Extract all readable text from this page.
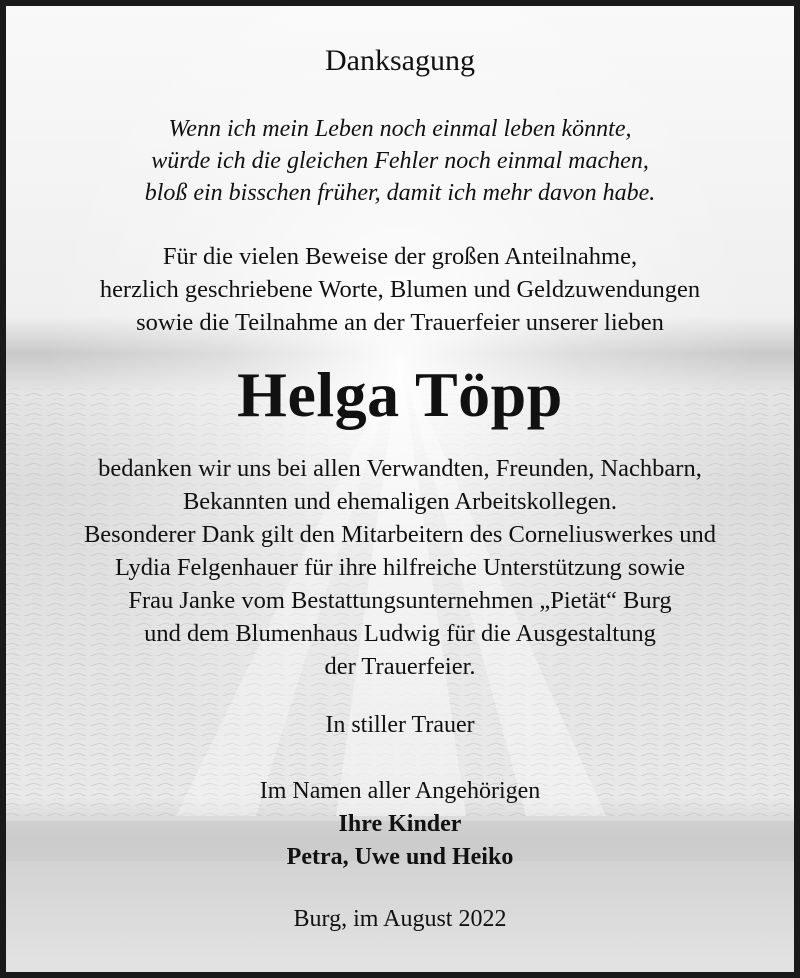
Danksagung
Wenn ich mein Leben noch einmal leben könnte,
würde ich die gleichen Fehler noch einmal machen,
bloß ein bisschen früher, damit ich mehr davon habe.
Für die vielen Beweise der großen Anteilnahme,
herzlich geschriebene Worte, Blumen und Geldzuwendungen
sowie die Teilnahme an der Trauerfeier unserer lieben
Helga Töpp
bedanken wir uns bei allen Verwandten, Freunden, Nachbarn,
Bekannten und ehemaligen Arbeitskollegen.
Besonderer Dank gilt den Mitarbeitern des Corneliuswerkes und
Lydia Felgenhauer für ihre hilfreiche Unterstützung sowie
Frau Janke vom Bestattungsunternehmen „Pietät“ Burg
und dem Blumenhaus Ludwig für die Ausgestaltung
der Trauerfeier.
In stiller Trauer
Im Namen aller Angehörigen
Ihre Kinder
Petra, Uwe und Heiko
Burg, im August 2022
